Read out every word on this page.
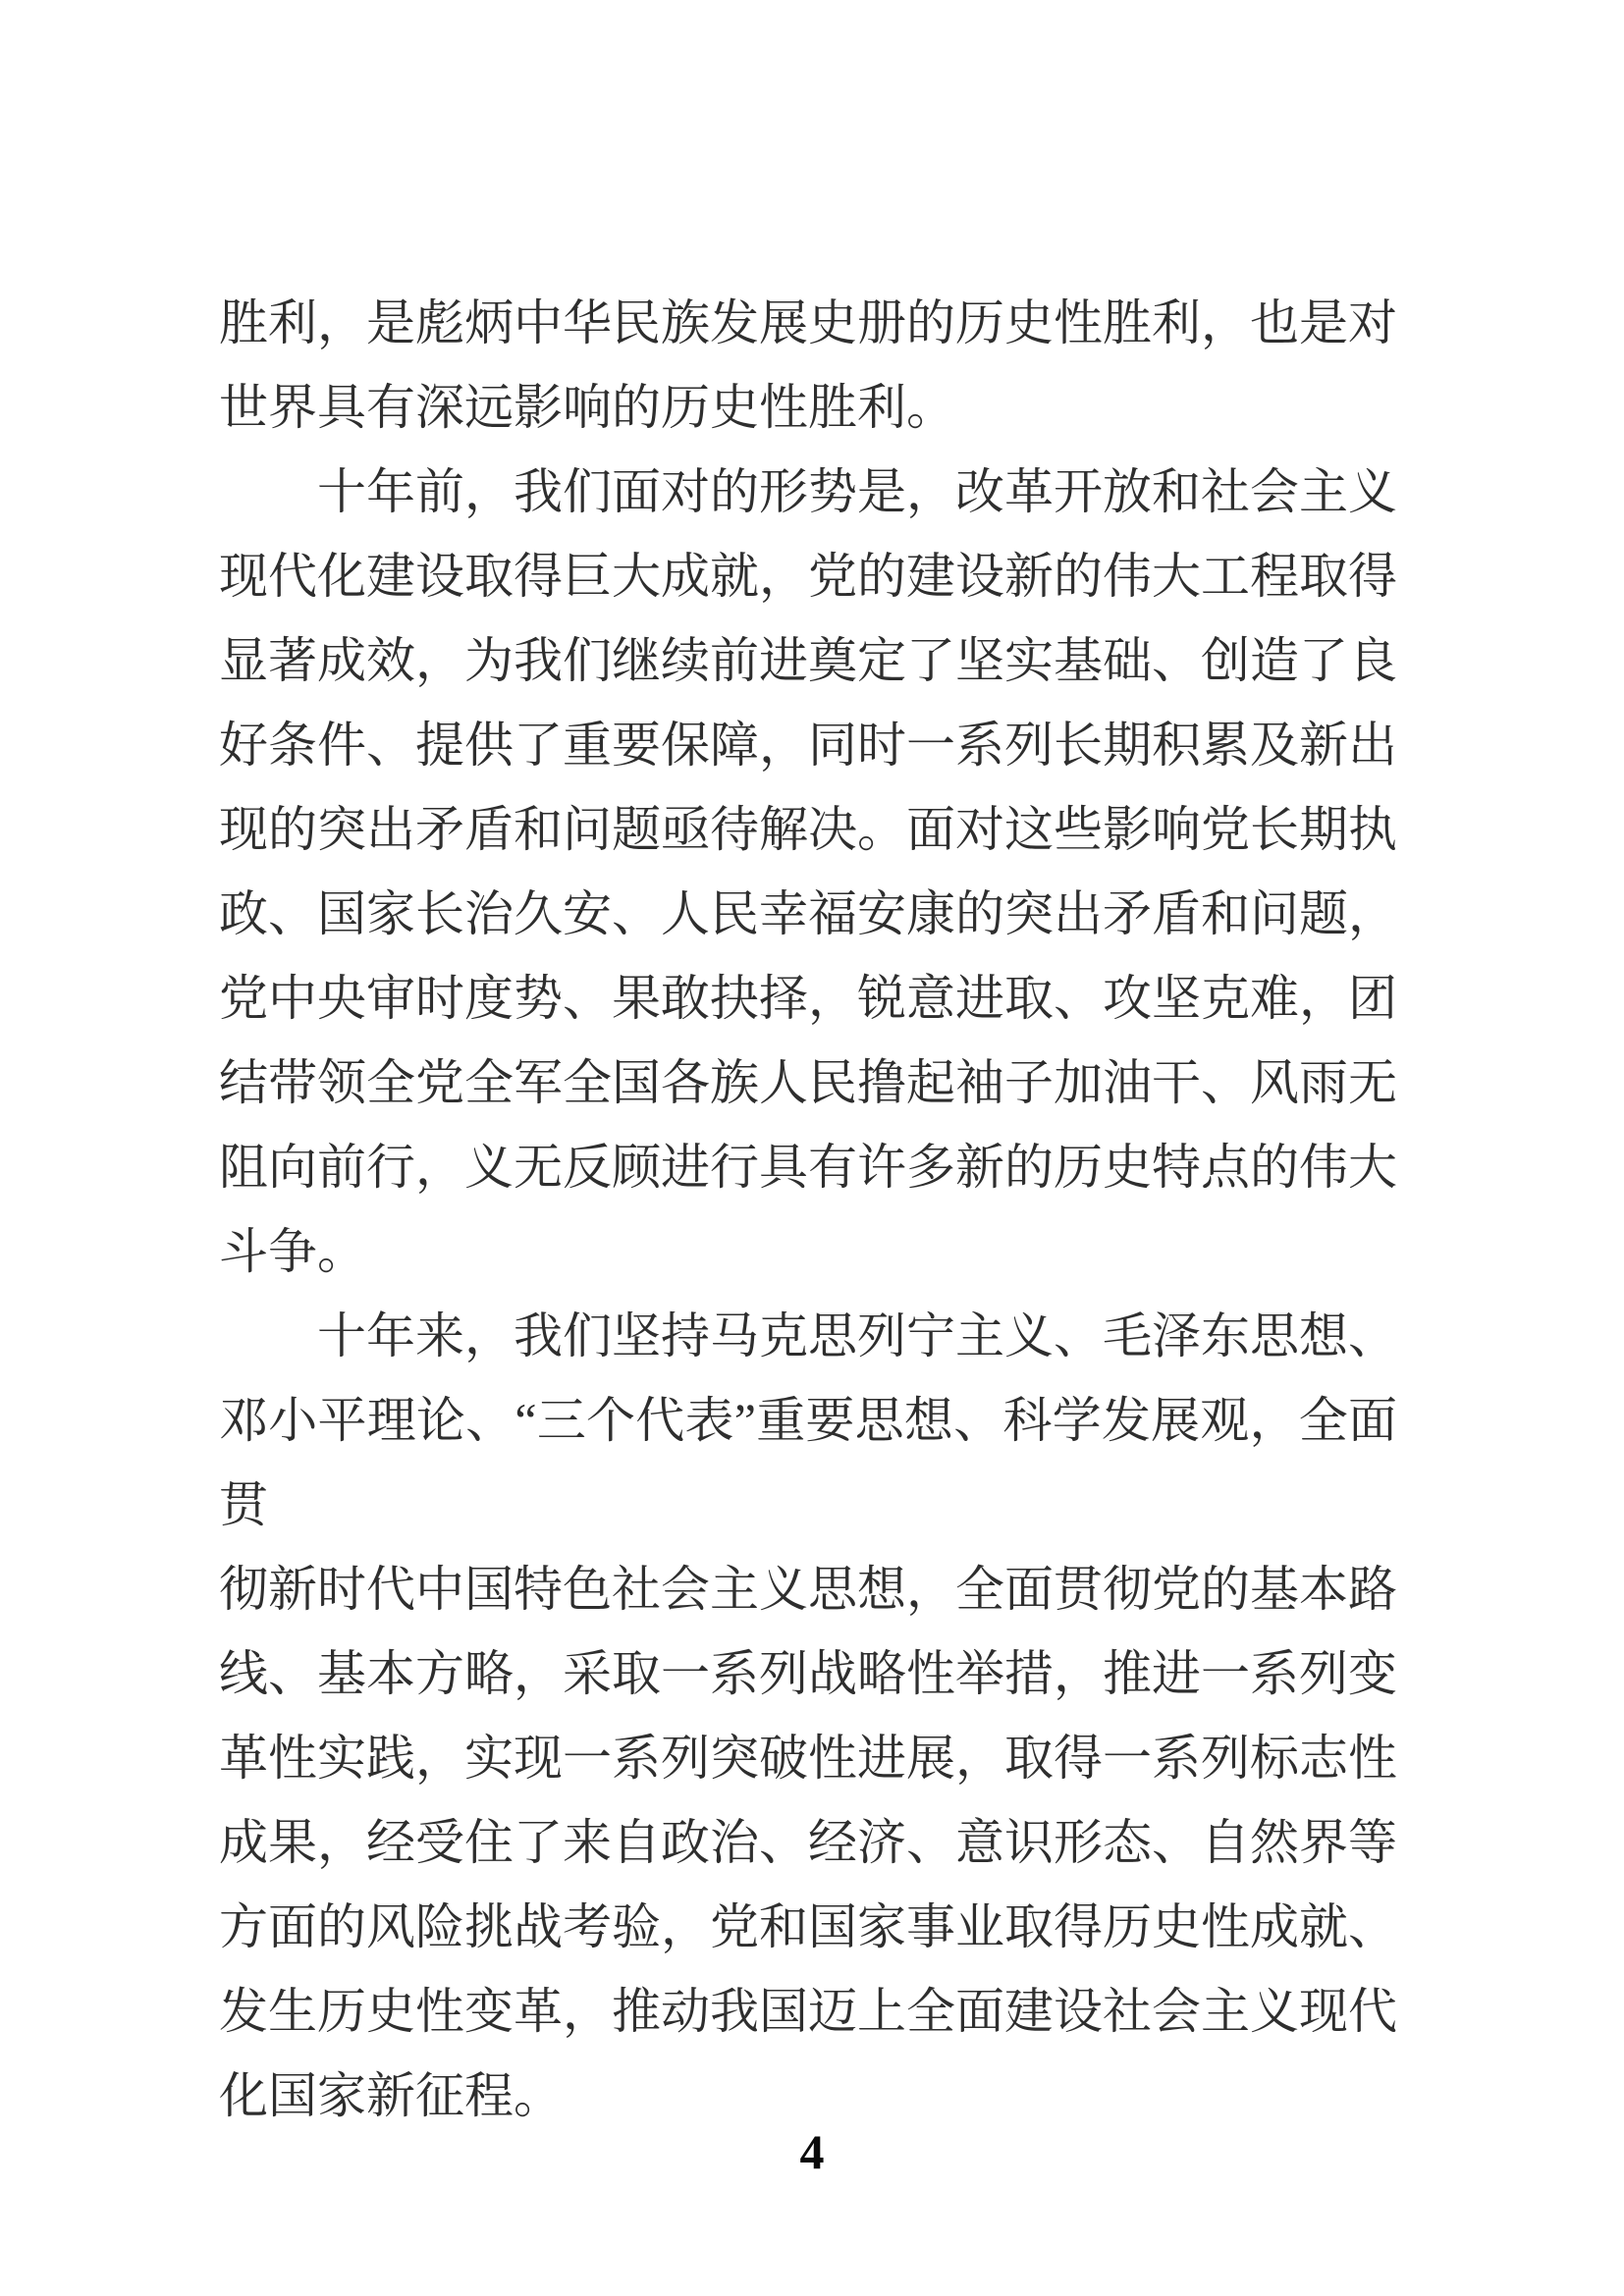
胜利，是彪炳中华民族发展史册的历史性胜利，也是对

世界具有深远影响的历史性胜利。

十年前，我们面对的形势是，改革开放和社会主义

现代化建设取得巨大成就，党的建设新的伟大工程取得

显著成效，为我们继续前进奠定了坚实基础、创造了良

好条件、提供了重要保障，同时一系列长期积累及新出

现的突出矛盾和问题亟待解决。面对这些影响党长期执

政、国家长治久安、人民幸福安康的突出矛盾和问题，

党中央审时度势、果敢抉择，锐意进取、攻坚克难，团

结带领全党全军全国各族人民撸起袖子加油干、风雨无

阻向前行，义无反顾进行具有许多新的历史特点的伟大

斗争。

十年来，我们坚持马克思列宁主义、毛泽东思想、

邓小平理论、“三个代表”重要思想、科学发展观，全面贯

彻新时代中国特色社会主义思想，全面贯彻党的基本路

线、基本方略，采取一系列战略性举措，推进一系列变

革性实践，实现一系列突破性进展，取得一系列标志性

成果，经受住了来自政治、经济、意识形态、自然界等

方面的风险挑战考验，党和国家事业取得历史性成就、

发生历史性变革，推动我国迈上全面建设社会主义现代

化国家新征程。

4
